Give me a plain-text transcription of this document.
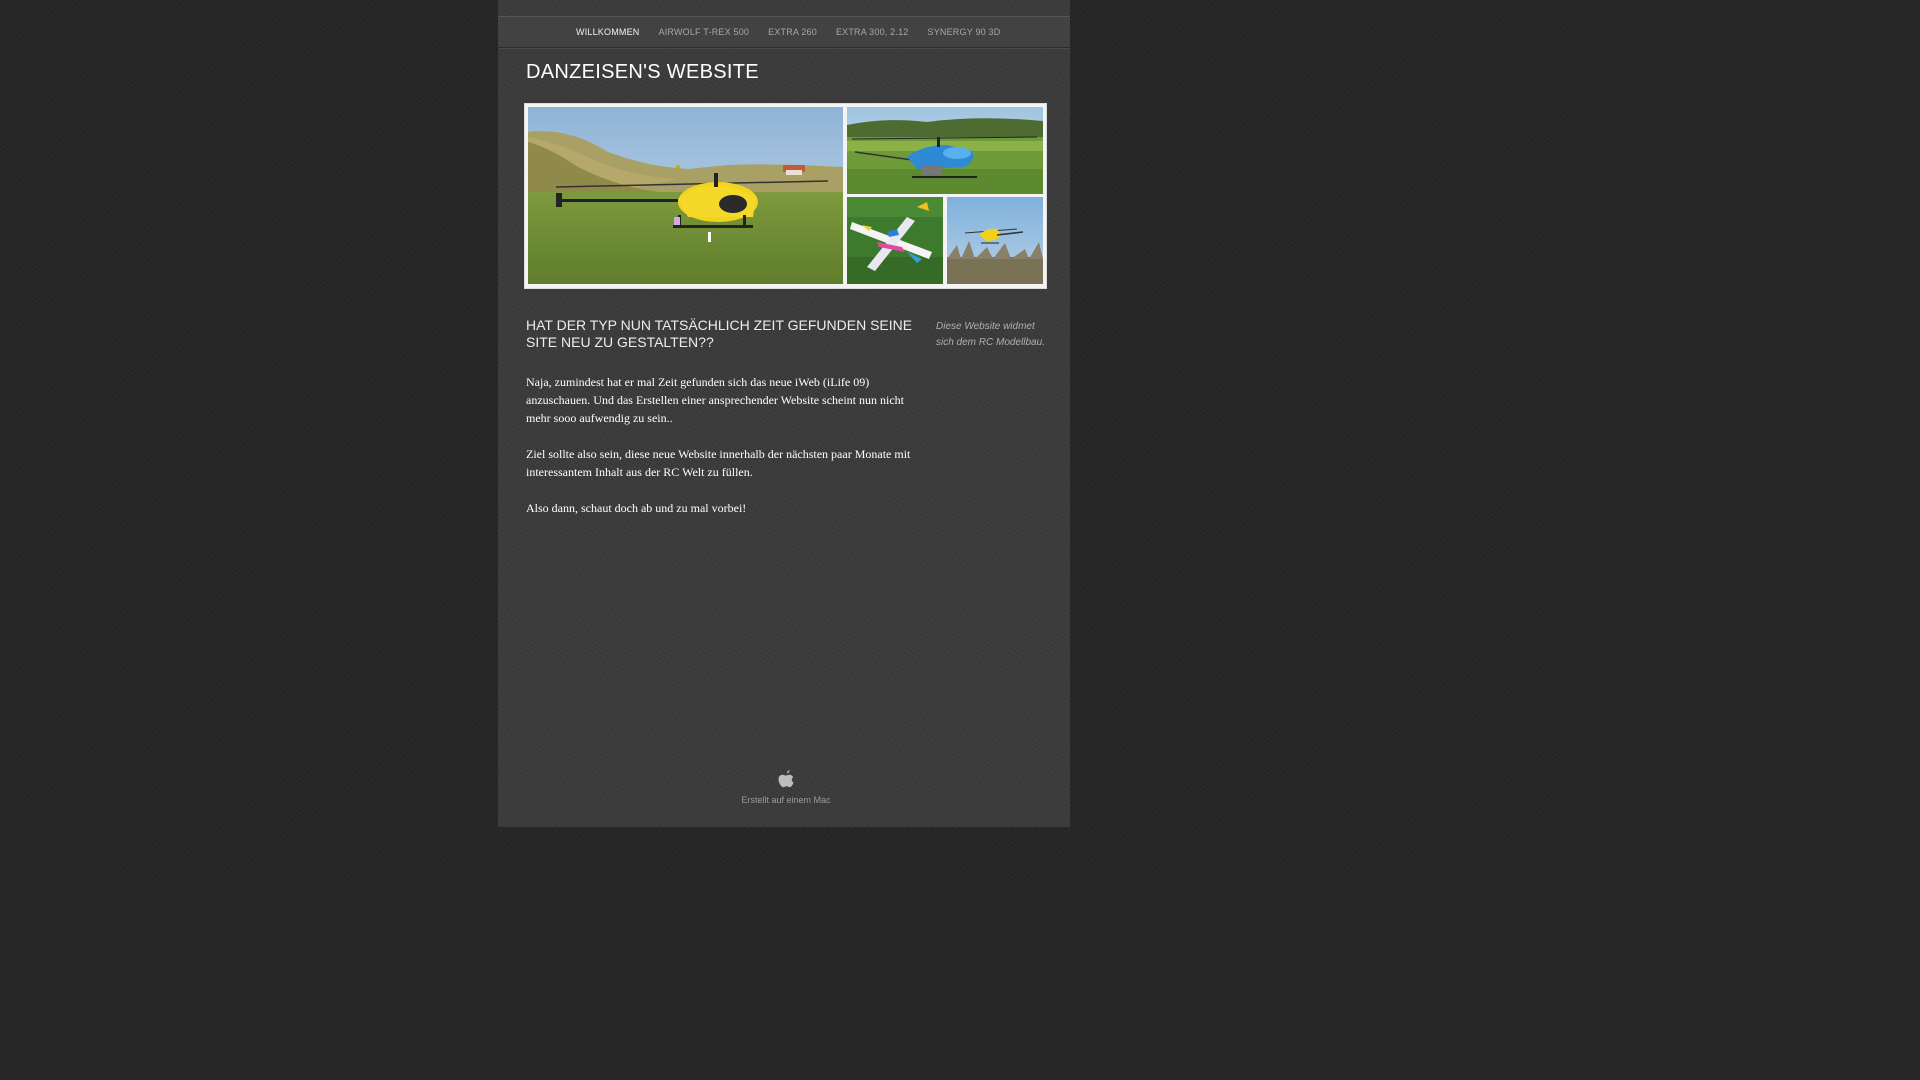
WILLKOMMEN AIRWOLF T-REX 500 EXTRA 260 EXTRA 300, 2.12 SYNERGY 90 3D
DANZEISEN'S WEBSITE
HAT DER TYP NUN TATSÄCHLICH ZEIT GEFUNDEN SEINE SITE NEU ZU GESTALTEN??

Naja, zumindest hat er mal Zeit gefunden sich das neue iWeb (iLife 09) anzuschauen. Und das Erstellen einer ansprechender Website scheint nun nicht mehr sooo aufwendig zu sein..

Ziel sollte also sein, diese neue Website innerhalb der nächsten paar Monate mit interessantem Inhalt aus der RC Welt zu füllen.

Also dann, schaut doch ab und zu mal vorbei!

Diese Website widmet sich dem RC Modellbau.
Erstellt auf einem Mac
